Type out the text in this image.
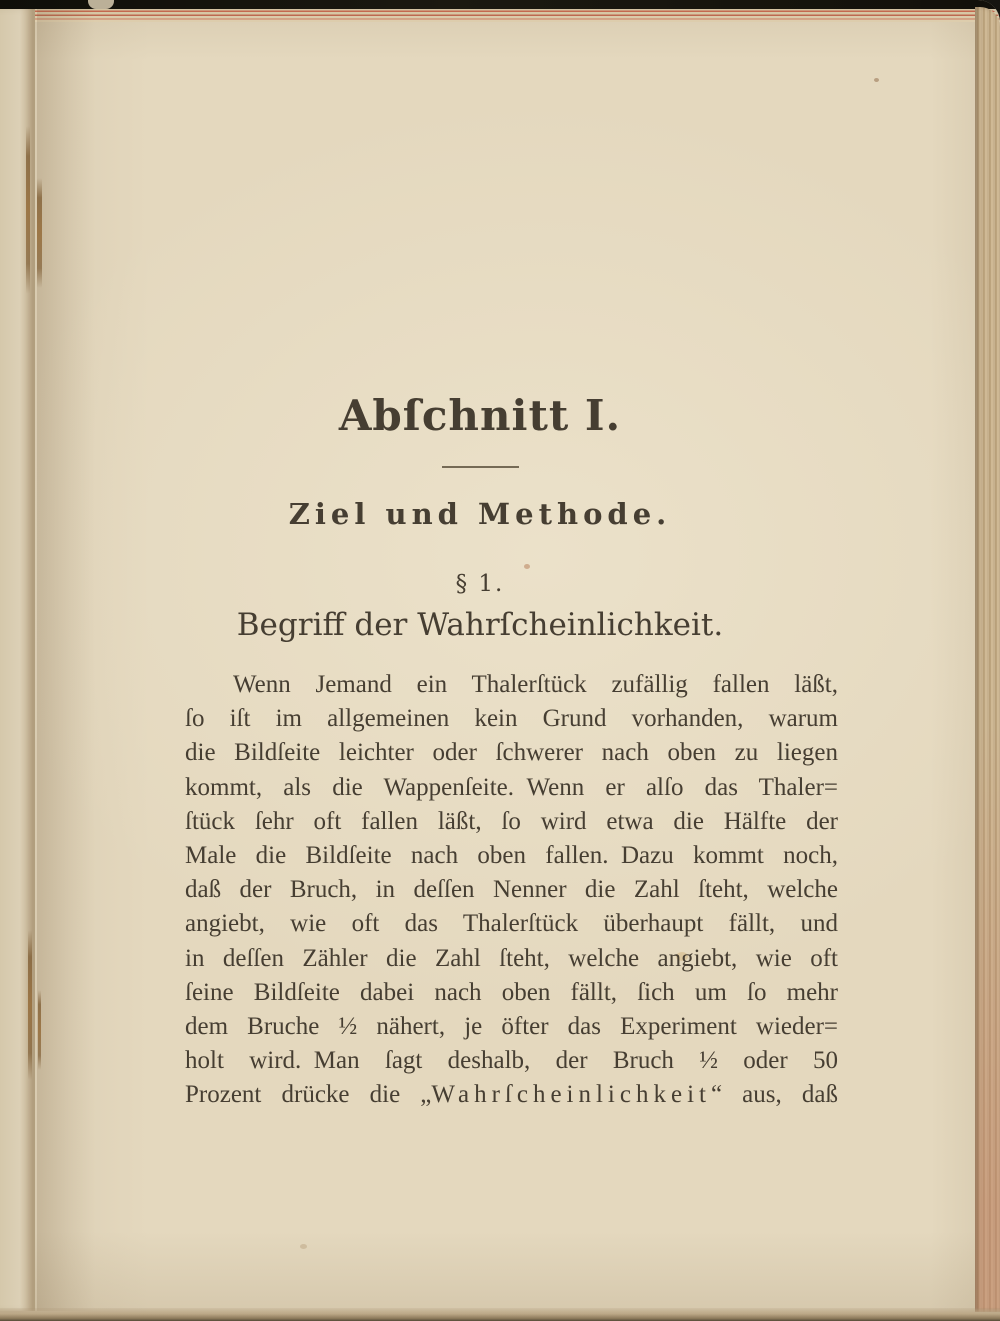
Abſchnitt I.
Ziel und Methode.
§ 1.
Begriff der Wahrſcheinlichkeit.
Wenn Jemand ein Thalerſtück zufällig fallen läßt,
ſo iſt im allgemeinen kein Grund vorhanden, warum
die Bildſeite leichter oder ſchwerer nach oben zu liegen
kommt, als die Wappenſeite. Wenn er alſo das Thaler=
ſtück ſehr oft fallen läßt, ſo wird etwa die Hälfte der
Male die Bildſeite nach oben fallen. Dazu kommt noch,
daß der Bruch, in deſſen Nenner die Zahl ſteht, welche
angiebt, wie oft das Thalerſtück überhaupt fällt, und
in deſſen Zähler die Zahl ſteht, welche angiebt, wie oft
ſeine Bildſeite dabei nach oben fällt, ſich um ſo mehr
dem Bruche ½ nähert, je öfter das Experiment wieder=
holt wird. Man ſagt deshalb, der Bruch ½ oder 50
Prozent drücke die „Wahrſcheinlichkeit“ aus, daß
